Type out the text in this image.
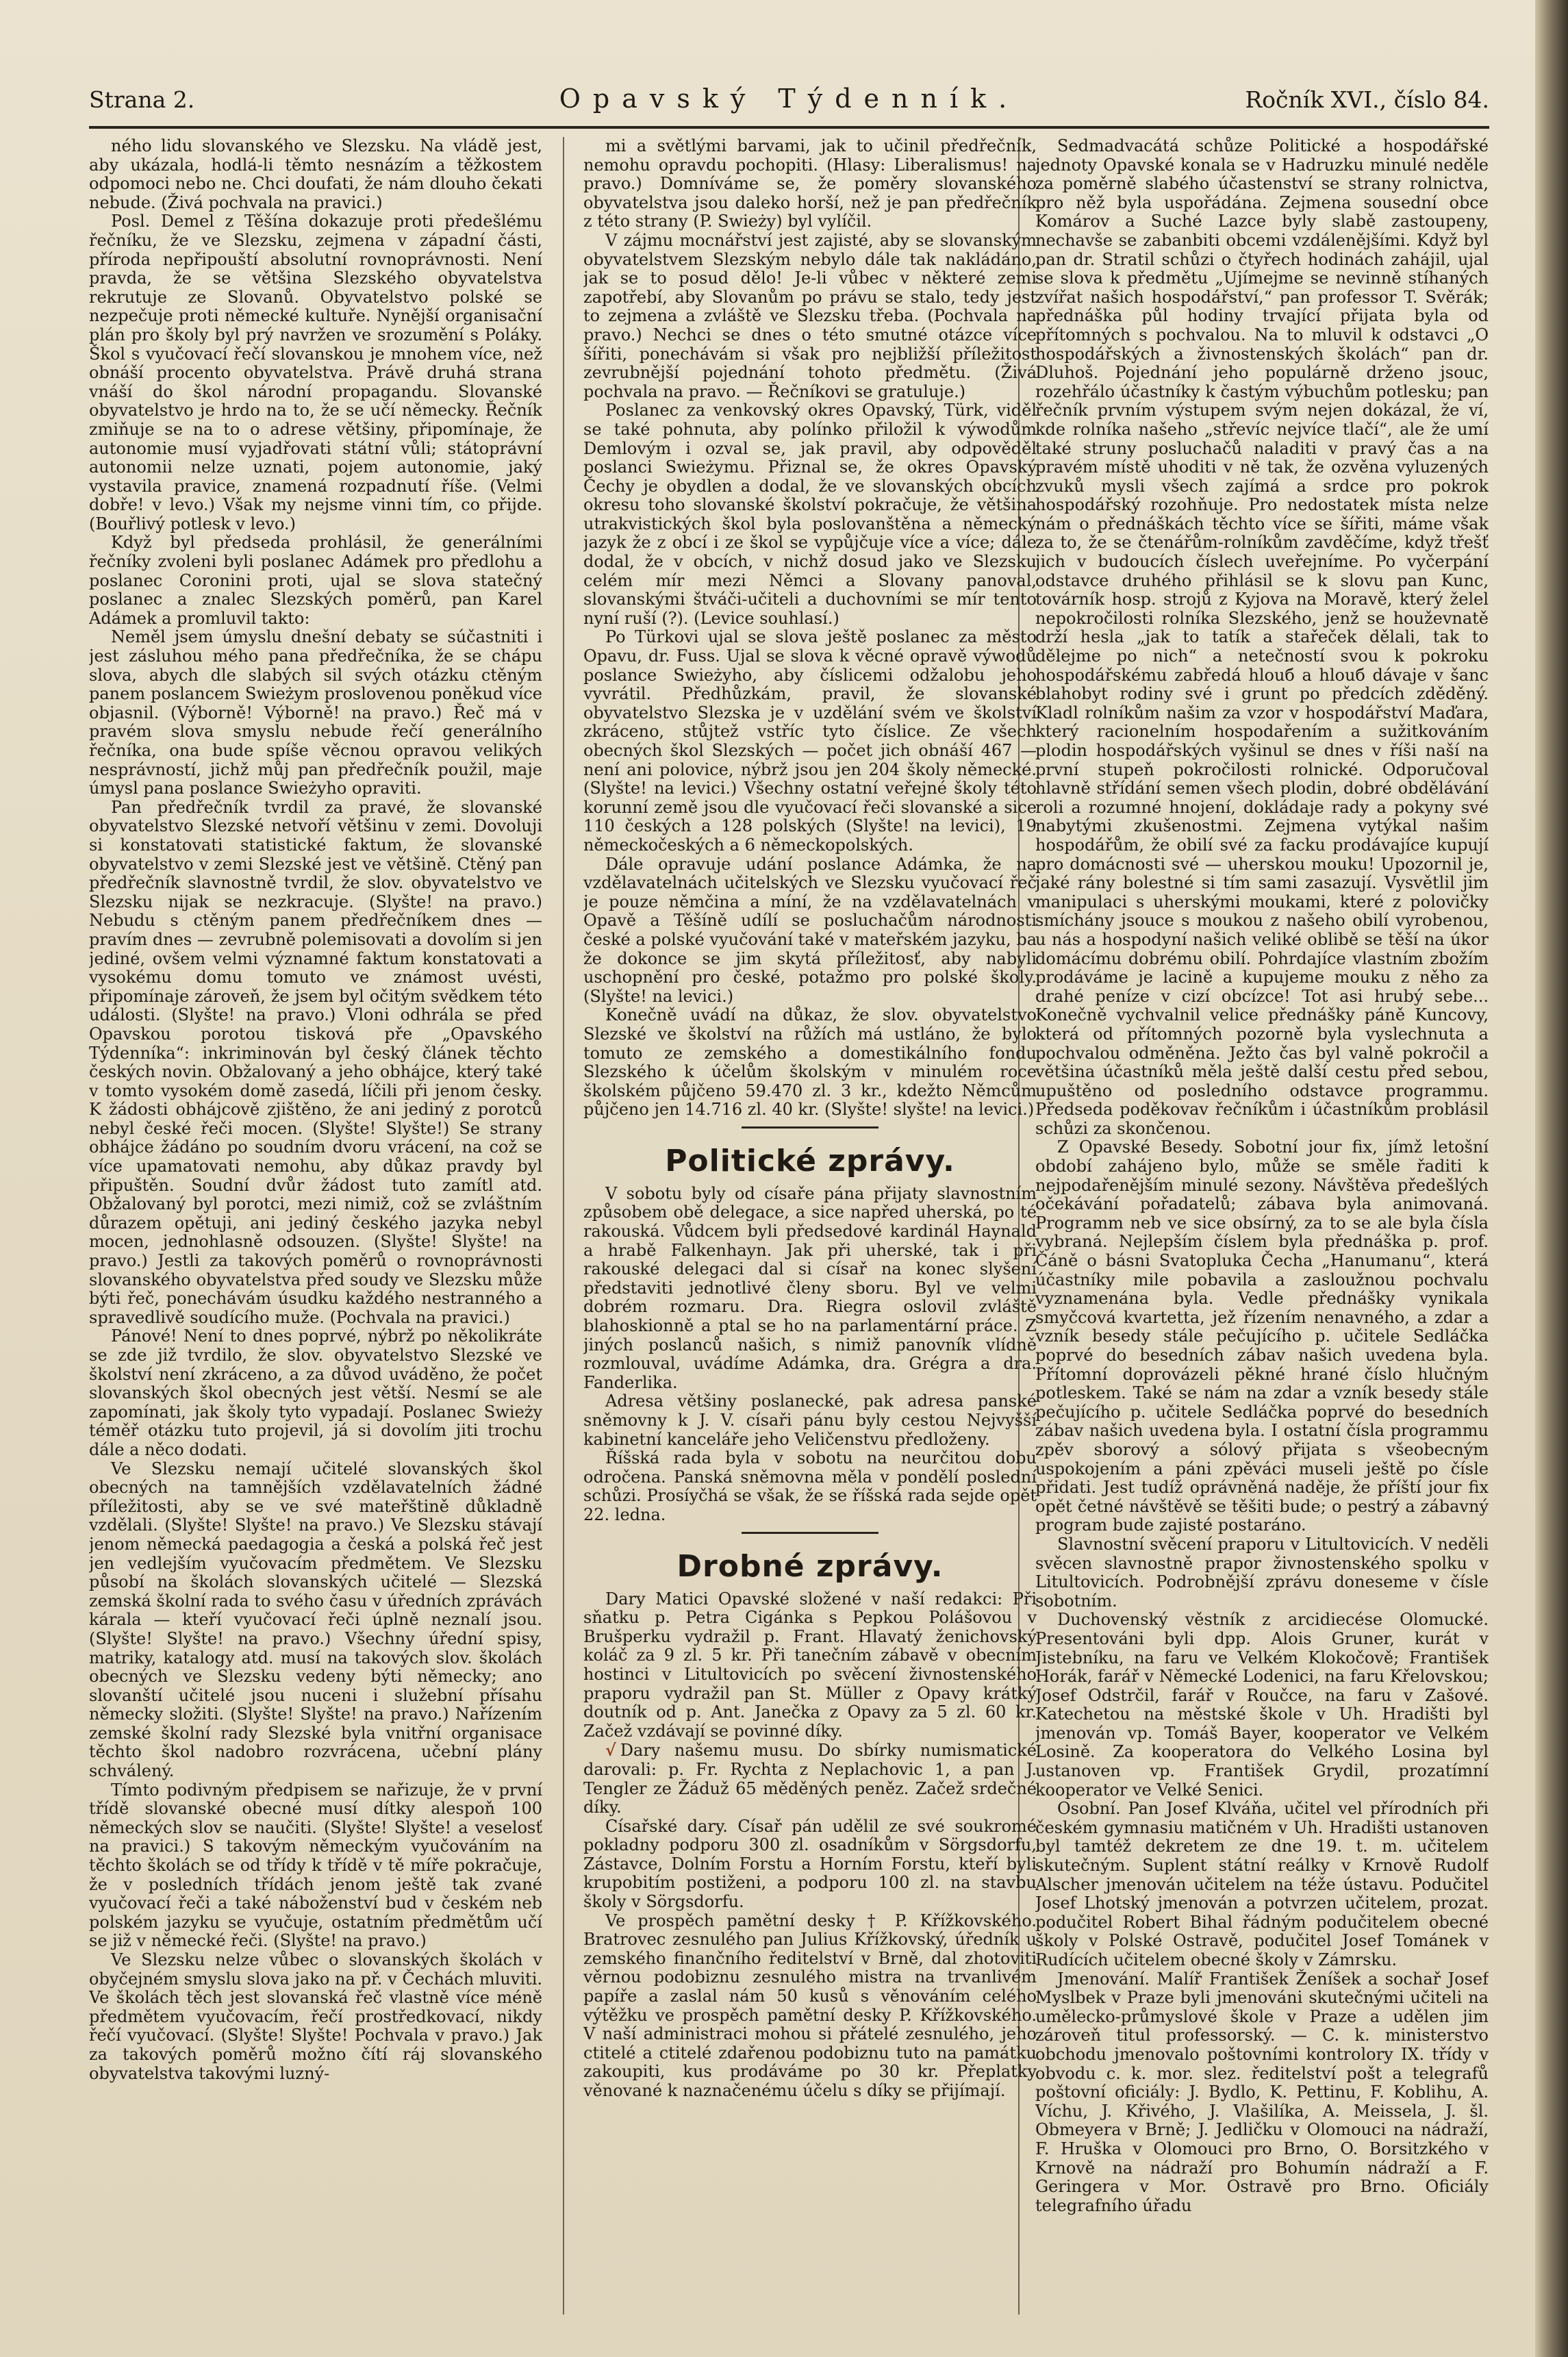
Strana 2.	Opavský Týdenník.	Ročník XVI., číslo 84.

ného lidu slovanského ve Slezsku. Na vládě jest, aby ukázala, hodlá-li těmto nesnázím a těžkostem odpomoci nebo ne. Chci doufati, že nám dlouho čekati nebude. (Živá pochvala na pravici.)

Posl. Demel z Těšína dokazuje proti předešlému řečníku, že ve Slezsku, zejmena v západní části, příroda nepřipouští absolutní rovnoprávnosti. Není pravda, že se většina Slezského obyvatelstva rekrutuje ze Slovanů. Obyvatelstvo polské se nezpečuje proti německé kultuře. Nynější organisační plán pro školy byl prý navržen ve srozumění s Poláky. Škol s vyučovací řečí slovanskou je mnohem více, než obnáší procento obyvatelstva. Právě druhá strana vnáší do škol národní propagandu. Slovanské obyvatelstvo je hrdo na to, že se učí německy. Řečník zmiňuje se na to o adrese většiny, připomínaje, že autonomie musí vyjadřovati státní vůli; státoprávní autonomii nelze uznati, pojem autonomie, jaký vystavila pravice, znamená rozpadnutí říše. (Velmi dobře! v levo.) Však my nejsme vinni tím, co přijde. (Bouřlivý potlesk v levo.)

Když byl předseda prohlásil, že generálními řečníky zvoleni byli poslanec Adámek pro předlohu a poslanec Coronini proti, ujal se slova statečný poslanec a znalec Slezských poměrů, pan Karel Adámek a promluvil takto:

Neměl jsem úmyslu dnešní debaty se súčastniti i jest zásluhou mého pana předřečníka, že se chápu slova, abych dle slabých sil svých otázku ctěným panem poslancem Swieżym proslovenou poněkud více objasnil. (Výborně! Výborně! na pravo.) Řeč má v pravém slova smyslu nebude řečí generálního řečníka, ona bude spíše věcnou opravou velikých nesprávností, jichž můj pan předřečník použil, maje úmysl pana poslance Swieżyho opraviti.

Pan předřečník tvrdil za pravé, že slovanské obyvatelstvo Slezské netvoří většinu v zemi. Dovoluji si konstatovati statistické faktum, že slovanské obyvatelstvo v zemi Slezské jest ve většině. Ctěný pan předřečník slavnostně tvrdil, že slov. obyvatelstvo ve Slezsku nijak se nezkracuje. (Slyšte! na pravo.) Nebudu s ctěným panem předřečníkem dnes — pravím dnes — zevrubně polemisovati a dovolím si jen jediné, ovšem velmi významné faktum konstatovati a vysokému domu tomuto ve známost uvésti, připomínaje zároveň, že jsem byl očitým svědkem této události. (Slyšte! na pravo.) Vloni odhrála se před Opavskou porotou tisková pře „Opavského Týdenníka“: inkriminován byl český článek těchto českých novin. Obžalovaný a jeho obhájce, který také v tomto vysokém domě zasedá, líčili při jenom česky. K žádosti obhájcově zjištěno, že ani jediný z porotců nebyl české řeči mocen. (Slyšte! Slyšte!) Se strany obhájce žádáno po soudním dvoru vrácení, na což se více upamatovati nemohu, aby důkaz pravdy byl připuštěn. Soudní dvůr žádost tuto zamítl atd. Obžalovaný byl porotci, mezi nimiž, což se zvláštním důrazem opětuji, ani jediný českého jazyka nebyl mocen, jednohlasně odsouzen. (Slyšte! Slyšte! na pravo.) Jestli za takových poměrů o rovnoprávnosti slovanského obyvatelstva před soudy ve Slezsku může býti řeč, ponechávám úsudku každého nestranného a spravedlivě soudícího muže. (Pochvala na pravici.)

Pánové! Není to dnes poprvé, nýbrž po několikráte se zde již tvrdilo, že slov. obyvatelstvo Slezské ve školství není zkráceno, a za důvod uváděno, že počet slovanských škol obecných jest větší. Nesmí se ale zapomínati, jak školy tyto vypadají. Poslanec Swieży téměř otázku tuto projevil, já si dovolím jiti trochu dále a něco dodati.

Ve Slezsku nemají učitelé slovanských škol obecných na tamnějších vzdělavatelních žádné příležitosti, aby se ve své mateřštině důkladně vzdělali. (Slyšte! Slyšte! na pravo.) Ve Slezsku stávají jenom německá paedagogia a česká a polská řeč jest jen vedlejším vyučovacím předmětem. Ve Slezsku působí na školách slovanských učitelé — Slezská zemská školní rada to svého času v úředních zprávách kárala — kteří vyučovací řeči úplně neznalí jsou. (Slyšte! Slyšte! na pravo.) Všechny úřední spisy, matriky, katalogy atd. musí na takových slov. školách obecných ve Slezsku vedeny býti německy; ano slovanští učitelé jsou nuceni i služební přísahu německy složiti. (Slyšte! Slyšte! na pravo.) Nařízením zemské školní rady Slezské byla vnitřní organisace těchto škol nadobro rozvrácena, učební plány schválený.

Tímto podivným předpisem se nařizuje, že v první třídě slovanské obecné musí dítky alespoň 100 německých slov se naučiti. (Slyšte! Slyšte! a veselosť na pravici.) S takovým německým vyučováním na těchto školách se od třídy k třídě v tě míře pokračuje, že v posledních třídách jenom ještě tak zvané vyučovací řeči a také náboženství bud v českém neb polském jazyku se vyučuje, ostatním předmětům učí se již v německé řeči. (Slyšte! na pravo.)

Ve Slezsku nelze vůbec o slovanských školách v obyčejném smyslu slova jako na př. v Čechách mluviti. Ve školách těch jest slovanská řeč vlastně více méně předmětem vyučovacím, řečí prostředkovací, nikdy řečí vyučovací. (Slyšte! Slyšte! Pochvala v pravo.) Jak za takových poměrů možno čítí ráj slovanského obyvatelstva takovými luzný-

mi a světlými barvami, jak to učinil předřečník, nemohu opravdu pochopiti. (Hlasy: Liberalismus! na pravo.) Domníváme se, že poměry slovanského obyvatelstva jsou daleko horší, než je pan předřečník z této strany (P. Swieży) byl vylíčil.

V zájmu mocnářství jest zajisté, aby se slovanským obyvatelstvem Slezským nebylo dále tak nakládáno, jak se to posud dělo! Je-li vůbec v některé zemi zapotřebí, aby Slovanům po právu se stalo, tedy jest to zejmena a zvláště ve Slezsku třeba. (Pochvala na pravo.) Nechci se dnes o této smutné otázce více šířiti, ponechávám si však pro nejbližší příležitost zevrubnější pojednání tohoto předmětu. (Živá pochvala na pravo. — Řečníkovi se gratuluje.)

Poslanec za venkovský okres Opavský, Türk, viděl se také pohnuta, aby polínko přiložil k výwodům Demlovým i ozval se, jak pravil, aby odpověděl poslanci Swieżymu. Přiznal se, že okres Opavský Čechy je obydlen a dodal, že ve slovanských obcích okresu toho slovanské školství pokračuje, že většina utrakvistických škol byla poslovanštěna a německý jazyk že z obcí i ze škol se vypůjčuje více a více; dále dodal, že v obcích, v nichž dosud jako ve Slezsku celém mír mezi Němci a Slovany panoval, slovanskými štváči-učiteli a duchovními se mír tento nyní ruší (?). (Levice souhlasí.)

Po Türkovi ujal se slova ještě poslanec za město Opavu, dr. Fuss. Ujal se slova k věcné opravě výwodů poslance Swieżyho, aby číslicemi odžalobu jeho vyvrátil. Předhůzkám, pravil, že slovanské obyvatelstvo Slezska je v uzdělání svém ve školství zkráceno, stůjtež vstříc tyto číslice. Ze všech obecných škol Slezských — počet jich obnáší 467 — není ani polovice, nýbrž jsou jen 204 školy německé. (Slyšte! na levici.) Všechny ostatní veřejné školy této korunní země jsou dle vyučovací řeči slovanské a sice 110 českých a 128 polských (Slyšte! na levici), 19 německočeských a 6 německopolských.

Dále opravuje udání poslance Adámka, že na vzdělavatelnách učitelských ve Slezsku vyučovací řeč je pouze němčina a míní, že na vzdělavatelnách v Opavě a Těšíně udílí se posluchačům národnosti české a polské vyučování také v mateřském jazyku, ba že dokonce se jim skytá příležitosť, aby nabyli uschopnění pro české, potažmo pro polské školy. (Slyšte! na levici.)

Konečně uvádí na důkaz, že slov. obyvatelstvo Slezské ve školství na růžích má ustláno, že bylo tomuto ze zemského a domestikálního fondu Slezského k účelům školským v minulém roce školském půjčeno 59.470 zl. 3 kr., kdežto Němcům půjčeno jen 14.716 zl. 40 kr. (Slyšte! slyšte! na levici.)

Politické zprávy.

V sobotu byly od císaře pána přijaty slavnostním způsobem obě delegace, a sice napřed uherská, po té rakouská. Vůdcem byli předsedové kardinál Haynald a hrabě Falkenhayn. Jak při uherské, tak i při rakouské delegaci dal si císař na konec slyšení představiti jednotlivé členy sboru. Byl ve velmi dobrém rozmaru. Dra. Riegra oslovil zvláště blahoskionně a ptal se ho na parlamentární práce. Z jiných poslanců našich, s nimiž panovník vlídně rozmlouval, uvádíme Adámka, dra. Grégra a dra. Fanderlika.

Adresa většiny poslanecké, pak adresa panské sněmovny k J. V. císaři pánu byly cestou Nejvyšší kabinetní kanceláře jeho Veličenstvu předloženy.

Říšská rada byla v sobotu na neurčitou dobu odročena. Panská sněmovna měla v pondělí poslední schůzi. Prosíyčhá se však, že se říšská rada sejde opět 22. ledna.

Drobné zprávy.

Dary Matici Opavské složené v naší redakci: Při sňatku p. Petra Cigánka s Pepkou Polášovou v Brušperku vydražil p. Frant. Hlavatý ženichovský koláč za 9 zl. 5 kr. Při tanečním zábavě v obecním hostinci v Litultovicích po svěcení živnostenského praporu vydražil pan St. Müller z Opavy krátký doutník od p. Ant. Janečka z Opavy za 5 zl. 60 kr. Začež vzdávají se povinné díky.

√ Dary našemu musu. Do sbírky numismatické darovali: p. Fr. Rychta z Neplachovic 1, a pan J. Tengler ze Žáduž 65 měděných peněz. Začež srdečné díky.

Císařské dary. Císař pán udělil ze své soukromé pokladny podporu 300 zl. osadníkům v Sörgsdorfu, Zástavce, Dolním Forstu a Horním Forstu, kteří byli krupobitím postiženi, a podporu 100 zl. na stavbu školy v Sörgsdorfu.

Ve prospěch pamětní desky † P. Křížkovského. Bratrovec zesnulého pan Julius Křížkovský, úředník u zemského finančního ředitelství v Brně, dal zhotoviti věrnou podobiznu zesnulého mistra na trvanlivém papíře a zaslal nám 50 kusů s věnováním celého výtěžku ve prospěch pamětní desky P. Křížkovského. V naší administraci mohou si přátelé zesnulého, jeho ctitelé a ctitelé zdařenou podobiznu tuto na památku zakoupiti, kus prodáváme po 30 kr. Přeplatky věnované k naznačenému účelu s díky se přijímají.

Sedmadvacátá schůze Politické a hospodářské jednoty Opavské konala se v Hadruzku minulé neděle za poměrně slabého účastenství se strany rolnictva, pro něž byla uspořádána. Zejmena sousední obce Komárov a Suché Lazce byly slabě zastoupeny, nechavše se zabanbiti obcemi vzdálenějšími. Když byl pan dr. Stratil schůzi o čtyřech hodinách zahájil, ujal se slova k předmětu „Ujímejme se nevinně stíhaných zvířat našich hospodářství,“ pan professor T. Svěrák; přednáška půl hodiny trvající přijata byla od přítomných s pochvalou. Na to mluvil k odstavci „O hospodářských a živnostenských školách“ pan dr. Dluhoš. Pojednání jeho populárně drženo jsouc, rozehřálo účastníky k častým výbuchům potlesku; pan řečník prvním výstupem svým nejen dokázal, že ví, kde rolníka našeho „střevíc nejvíce tlačí“, ale že umí také struny posluchačů naladiti v pravý čas a na pravém místě uhoditi v ně tak, že ozvěna vyluzených zvuků mysli všech zajímá a srdce pro pokrok hospodářský rozohňuje. Pro nedostatek místa nelze nám o přednáškách těchto více se šířiti, máme však za to, že se čtenářům-rolníkům zavděčíme, když třešť jich v budoucích číslech uveřejníme. Po vyčerpání odstavce druhého přihlásil se k slovu pan Kunc, továrník hosp. strojů z Kyjova na Moravě, který želel nepokročilosti rolníka Slezského, jenž se houževnatě drží hesla „jak to tatík a stařeček dělali, tak to dělejme po nich“ a netečností svou k pokroku hospodářskému zabředá hlouб a hlouб dávaje v šanc blahobyt rodiny své i grunt po předcích zděděný. Kladl rolníkům našim za vzor v hospodářství Maďara, který racionelním hospodařením a sužitkováním plodin hospodářských vyšinul se dnes v říši naší na první stupeň pokročilosti rolnické. Odporučoval hlavně střídání semen všech plodin, dobré obdělávání roli a rozumné hnojení, dokládaje rady a pokyny své nabytými zkušenostmi. Zejmena vytýkal našim hospodářům, že obilí své za facku prodávajíce kupují pro domácnosti své — uherskou mouku! Upozornil je, jaké rány bolestné si tím sami zasazují. Vysvětlil jim manipulaci s uherskými moukami, které z polovičky smíchány jsouce s moukou z našeho obilí vyrobenou, u nás a hospodyní našich veliké oblibě se těší na úkor domácímu dobrému obilí. Pohrdajíce vlastním zbožím prodáváme je lacině a kupujeme mouku z něho za drahé peníze v cizí obcízce! Tot asi hrubý sebe... Konečně vychvalnil velice přednášky páně Kuncovy, která od přítomných pozorně byla vyslechnuta a pochvalou odměněna. Ježto čas byl valně pokročil a většina účastníků měla ještě další cestu před sebou, upuštěno od posledního odstavce programmu. Předseda poděkovav řečníkům i účastníkům problásil schůzi za skončenou.

Z Opavské Besedy. Sobotní jour fix, jímž letošní období zahájeno bylo, může se směle řaditi k nejpodařenějším minulé sezony. Návštěva předešlých očekávání pořadatelů; zábava byla animovaná. Programm neb ve sice obsírný, za to se ale byla čísla vybraná. Nejlepším číslem byla přednáška p. prof. Čáně o básni Svatopluka Čecha „Hanumanu“, která účastníky mile pobavila a zasloužnou pochvalu vyznamenána byla. Vedle přednášky vynikala smyčcová kvartetta, jež řízením nenavného, a zdar a vzník besedy stále pečujícího p. učitele Sedláčka poprvé do besedních zábav našich uvedena byla. Přítomní doprovázeli pěkné hrané číslo hlučným potleskem. Také se nám na zdar a vzník besedy stále pečujícího p. učitele Sedláčka poprvé do besedních zábav našich uvedena byla. I ostatní čísla programmu zpěv sborový a sólový přijata s všeobecným uspokojením a páni zpěváci museli ještě po čísle přidati. Jest tudíž oprávněná naděje, že příští jour fix opět četné návštěvě se těšiti bude; o pestrý a zábavný program bude zajisté postaráno.

Slavnostní svěcení praporu v Litultovicích. V neděli svěcen slavnostně prapor živnostenského spolku v Litultovicích. Podrobnější zprávu doneseme v čísle sobotním.

Duchovenský věstník z arcidiecése Olomucké. Presentováni byli dpp. Alois Gruner, kurát v Jistebníku, na faru ve Velkém Klokočově; František Horák, farář v Německé Lodenici, na faru Křelovskou; Josef Odstrčil, farář v Roučce, na faru v Zašové. Katechetou na městské škole v Uh. Hradišti byl jmenován vp. Tomáš Bayer, kooperator ve Velkém Losině. Za kooperatora do Velkého Losina byl ustanoven vp. František Grydil, prozatímní kooperator ve Velké Senici.

Osobní. Pan Josef Klváňa, učitel vel přírodních při českém gymnasiu matičném v Uh. Hradišti ustanoven byl tamtéž dekretem ze dne 19. t. m. učitelem skutečným. Suplent státní reálky v Krnově Rudolf Alscher jmenován učitelem na téže ústavu. Podučitel Josef Lhotský jmenován a potvrzen učitelem, prozat. podučitel Robert Bihal řádným podučitelem obecné školy v Polské Ostravě, podučitel Josef Tománek v Rudících učitelem obecné školy v Zámrsku.

Jmenování. Malíř František Ženíšek a sochař Josef Myslbek v Praze byli jmenováni skutečnými učiteli na umělecko-průmyslové škole v Praze a udělen jim zároveň titul professorský. — C. k. ministerstvo obchodu jmenovalo poštovními kontrolory IX. třídy v obvodu c. k. mor. slez. ředitelství pošt a telegrafů poštovní oficiály: J. Bydlo, K. Pettinu, F. Koblihu, A. Víchu, J. Křivého, J. Vlašilíka, A. Meissela, J. šl. Obmeyera v Brně; J. Jedličku v Olomouci na nádraží, F. Hruška v Olomouci pro Brno, O. Borsitzkého v Krnově na nádraží pro Bohumín nádraží a F. Geringera v Mor. Ostravě pro Brno. Oficiály telegrafního úřadu
